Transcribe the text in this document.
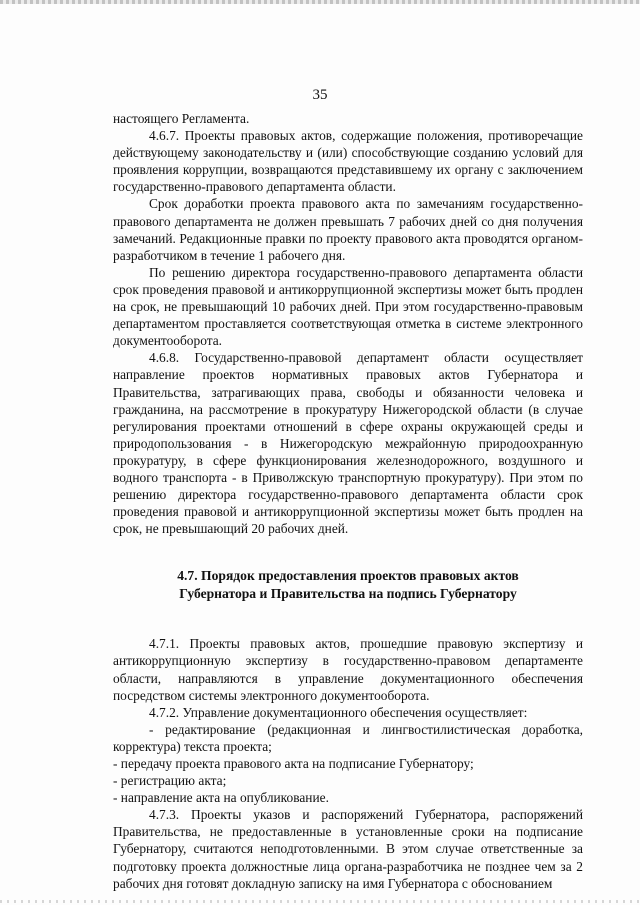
35

настоящего Регламента.

4.6.7. Проекты правовых актов, содержащие положения, противоречащие действующему законодательству и (или) способствующие созданию условий для проявления коррупции, возвращаются представившему их органу с заключением государственно-правового департамента области.

Срок доработки проекта правового акта по замечаниям государственно-правового департамента не должен превышать 7 рабочих дней со дня получения замечаний. Редакционные правки по проекту правового акта проводятся органом-разработчиком в течение 1 рабочего дня.

По решению директора государственно-правового департамента области срок проведения правовой и антикоррупционной экспертизы может быть продлен на срок, не превышающий 10 рабочих дней. При этом государственно-правовым департаментом проставляется соответствующая отметка в системе электронного документооборота.

4.6.8. Государственно-правовой департамент области осуществляет направление проектов нормативных правовых актов Губернатора и Правительства, затрагивающих права, свободы и обязанности человека и гражданина, на рассмотрение в прокуратуру Нижегородской области (в случае регулирования проектами отношений в сфере охраны окружающей среды и природопользования - в Нижегородскую межрайонную природоохранную прокуратуру, в сфере функционирования железнодорожного, воздушного и водного транспорта - в Приволжскую транспортную прокуратуру). При этом по решению директора государственно-правового департамента области срок проведения правовой и антикоррупционной экспертизы может быть продлен на срок, не превышающий 20 рабочих дней.

4.7. Порядок предоставления проектов правовых актов
Губернатора и Правительства на подпись Губернатору

4.7.1. Проекты правовых актов, прошедшие правовую экспертизу и антикоррупционную экспертизу в государственно-правовом департаменте области, направляются в управление документационного обеспечения посредством системы электронного документооборота.

4.7.2. Управление документационного обеспечения осуществляет:

- редактирование (редакционная и лингвостилистическая доработка, корректура) текста проекта;

- передачу проекта правового акта на подписание Губернатору;

- регистрацию акта;

- направление акта на опубликование.

4.7.3. Проекты указов и распоряжений Губернатора, распоряжений Правительства, не предоставленные в установленные сроки на подписание Губернатору, считаются неподготовленными. В этом случае ответственные за подготовку проекта должностные лица органа-разработчика не позднее чем за 2 рабочих дня готовят докладную записку на имя Губернатора с обоснованием
